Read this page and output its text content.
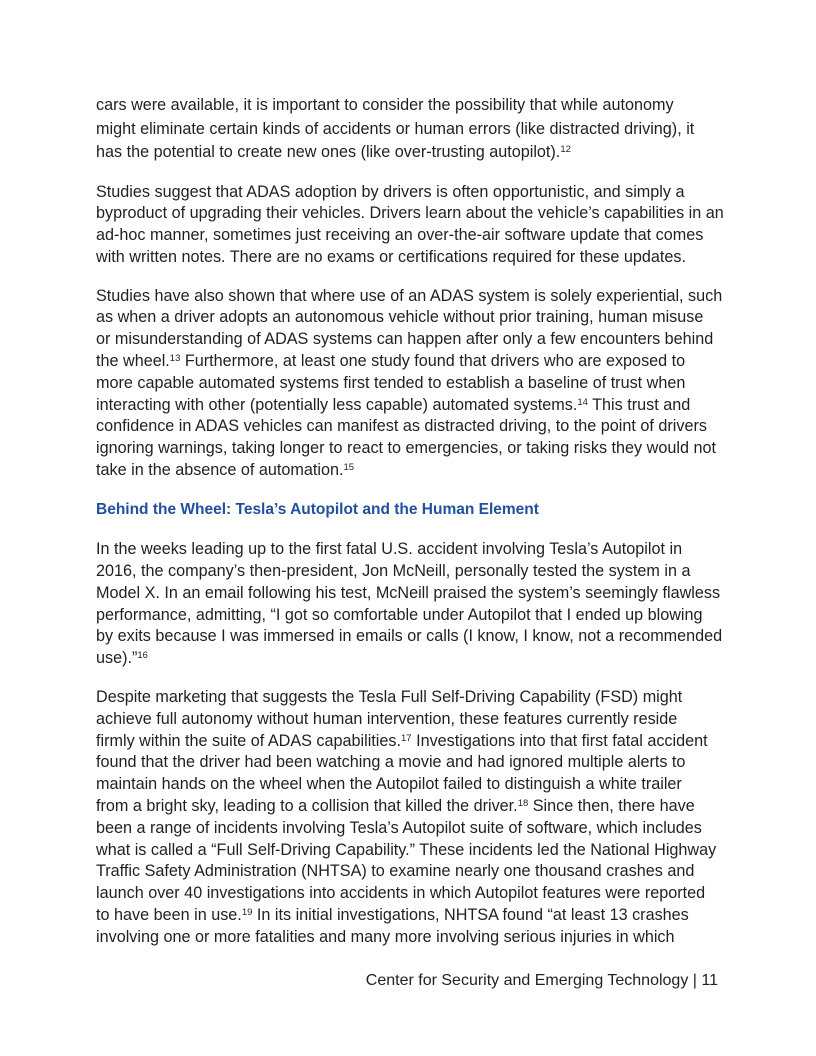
cars were available, it is important to consider the possibility that while autonomy
might eliminate certain kinds of accidents or human errors (like distracted driving), it
has the potential to create new ones (like over-trusting autopilot).$^{12}$

Studies suggest that ADAS adoption by drivers is often opportunistic, and simply a
byproduct of upgrading their vehicles. Drivers learn about the vehicle’s capabilities in an
ad-hoc manner, sometimes just receiving an over-the-air software update that comes
with written notes. There are no exams or certifications required for these updates.

Studies have also shown that where use of an ADAS system is solely experiential, such
as when a driver adopts an autonomous vehicle without prior training, human misuse
or misunderstanding of ADAS systems can happen after only a few encounters behind
the wheel.$^{13}$ Furthermore, at least one study found that drivers who are exposed to
more capable automated systems first tended to establish a baseline of trust when
interacting with other (potentially less capable) automated systems.$^{14}$ This trust and
confidence in ADAS vehicles can manifest as distracted driving, to the point of drivers
ignoring warnings, taking longer to react to emergencies, or taking risks they would not
take in the absence of automation.$^{15}$

Behind the Wheel: Tesla’s Autopilot and the Human Element

In the weeks leading up to the first fatal U.S. accident involving Tesla’s Autopilot in
2016, the company’s then-president, Jon McNeill, personally tested the system in a
Model X. In an email following his test, McNeill praised the system’s seemingly flawless
performance, admitting, “I got so comfortable under Autopilot that I ended up blowing
by exits because I was immersed in emails or calls (I know, I know, not a recommended
use).”$^{16}$

Despite marketing that suggests the Tesla Full Self-Driving Capability (FSD) might
achieve full autonomy without human intervention, these features currently reside
firmly within the suite of ADAS capabilities.$^{17}$ Investigations into that first fatal accident
found that the driver had been watching a movie and had ignored multiple alerts to
maintain hands on the wheel when the Autopilot failed to distinguish a white trailer
from a bright sky, leading to a collision that killed the driver.$^{18}$ Since then, there have
been a range of incidents involving Tesla’s Autopilot suite of software, which includes
what is called a “Full Self-Driving Capability.” These incidents led the National Highway
Traffic Safety Administration (NHTSA) to examine nearly one thousand crashes and
launch over 40 investigations into accidents in which Autopilot features were reported
to have been in use.$^{19}$ In its initial investigations, NHTSA found “at least 13 crashes
involving one or more fatalities and many more involving serious injuries in which

Center for Security and Emerging Technology | 11
